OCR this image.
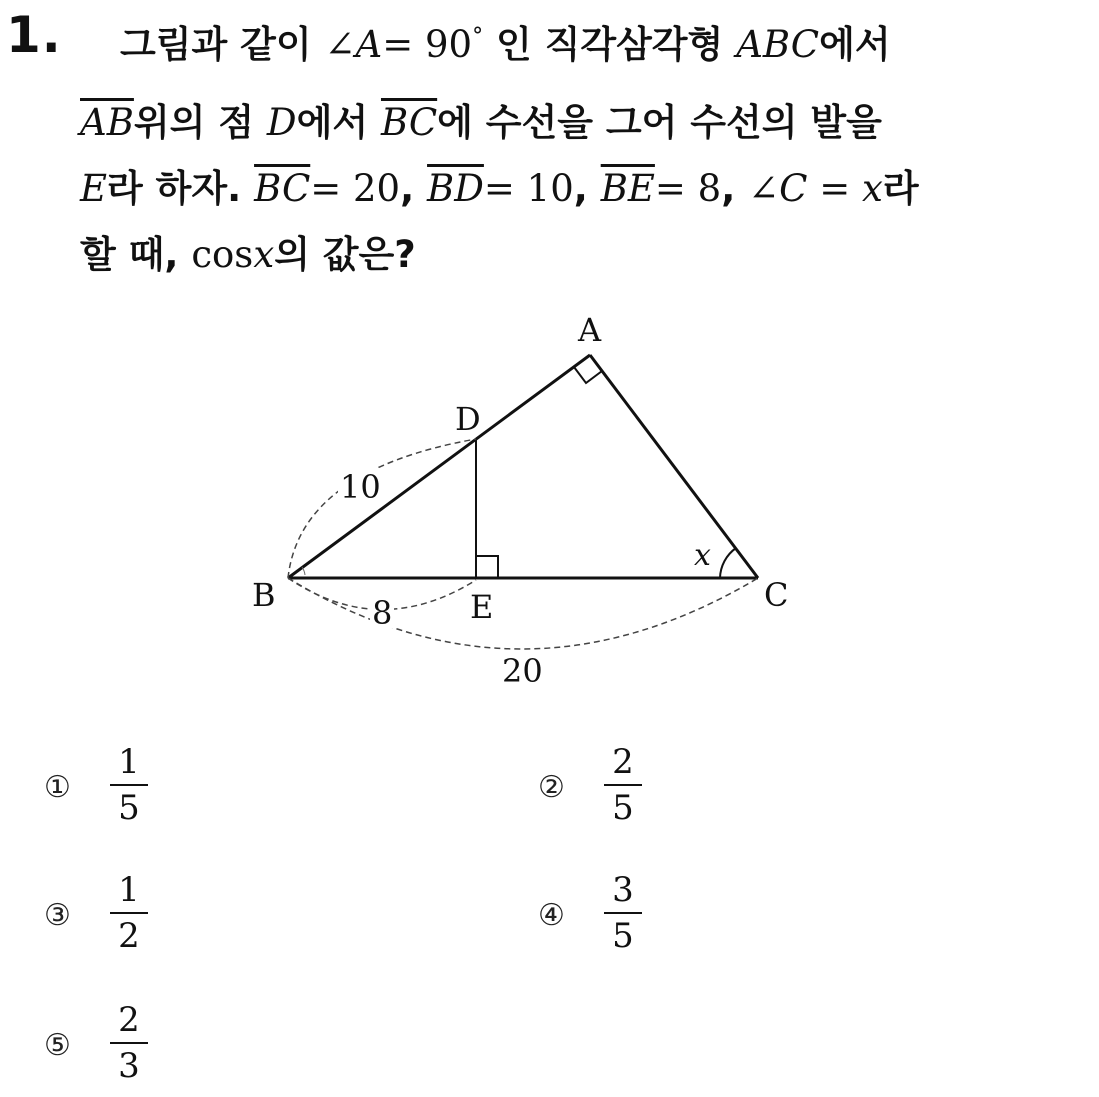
1. 그림과 같이 ∠A= 90° 인 직각삼각형 ABC에서
$\overline{AB}$위의 점 D에서 $\overline{BC}$에 수선을 그어 수선의 발을
E라 하자. $\overline{BC}= 20$, $\overline{BD}= 10$, $\overline{BE}= 8$, ∠C = x라
할 때, cosx의 값은?
A
B	C
D
E
x
10
8
20
①
1
5
②
2
5
③
1
2
④
3
5
⑤
2
3
